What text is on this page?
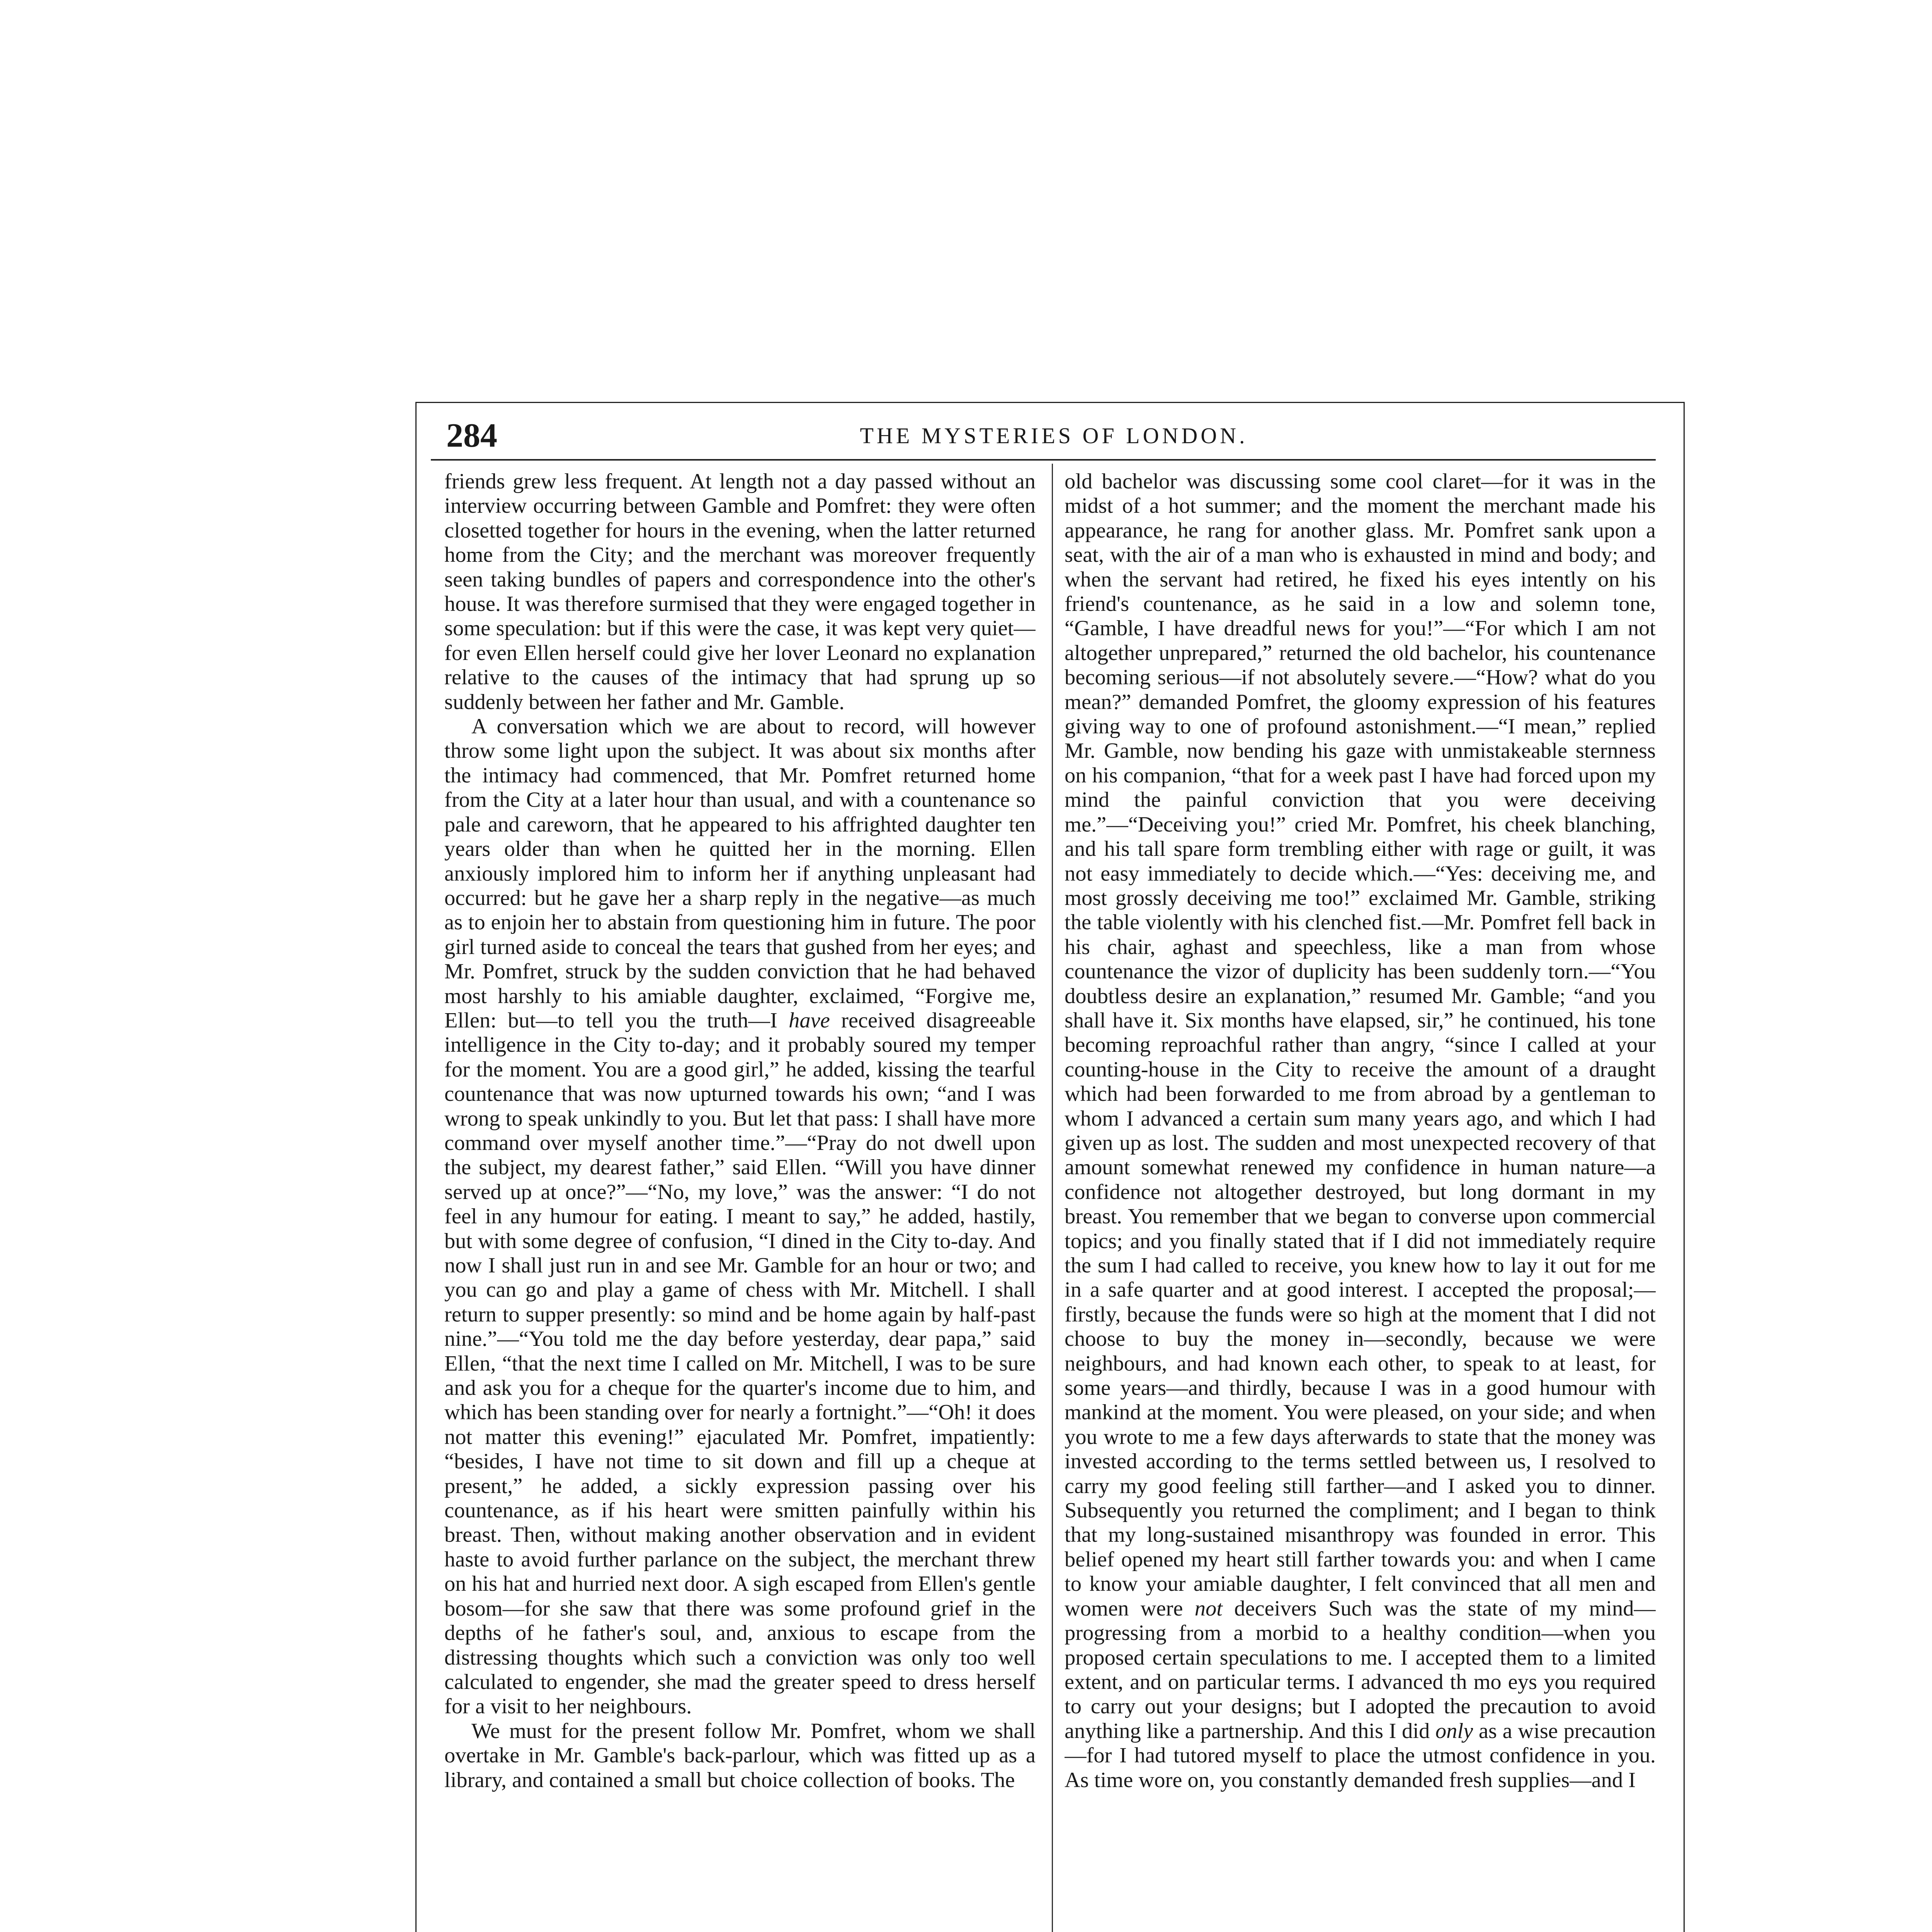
284	THE MYSTERIES OF LONDON.

friends grew less frequent. At length not a day passed without an interview occurring between Gamble and Pomfret: they were often closetted together for hours in the evening, when the latter returned home from the City; and the merchant was moreover frequently seen taking bundles of papers and correspondence into the other's house. It was therefore surmised that they were engaged together in some speculation: but if this were the case, it was kept very quiet—for even Ellen herself could give her lover Leonard no explanation relative to the causes of the intimacy that had sprung up so suddenly between her father and Mr. Gamble.

A conversation which we are about to record, will however throw some light upon the subject. It was about six months after the intimacy had commenced, that Mr. Pomfret returned home from the City at a later hour than usual, and with a countenance so pale and careworn, that he appeared to his affrighted daughter ten years older than when he quitted her in the morning. Ellen anxiously implored him to inform her if anything unpleasant had occurred: but he gave her a sharp reply in the negative—as much as to enjoin her to abstain from questioning him in future. The poor girl turned aside to conceal the tears that gushed from her eyes; and Mr. Pomfret, struck by the sudden conviction that he had behaved most harshly to his amiable daughter, exclaimed, “Forgive me, Ellen: but—to tell you the truth—I have received disagreeable intelligence in the City to-day; and it probably soured my temper for the moment. You are a good girl,” he added, kissing the tearful countenance that was now upturned towards his own; “and I was wrong to speak unkindly to you. But let that pass: I shall have more command over myself another time.”—“Pray do not dwell upon the subject, my dearest father,” said Ellen. “Will you have dinner served up at once?”—“No, my love,” was the answer: “I do not feel in any humour for eating. I meant to say,” he added, hastily, but with some degree of confusion, “I dined in the City to-day. And now I shall just run in and see Mr. Gamble for an hour or two; and you can go and play a game of chess with Mr. Mitchell. I shall return to supper presently: so mind and be home again by half-past nine.”—“You told me the day before yesterday, dear papa,” said Ellen, “that the next time I called on Mr. Mitchell, I was to be sure and ask you for a cheque for the quarter's income due to him, and which has been standing over for nearly a fortnight.”—“Oh! it does not matter this evening!” ejaculated Mr. Pomfret, impatiently: “besides, I have not time to sit down and fill up a cheque at present,” he added, a sickly expression passing over his countenance, as if his heart were smitten painfully within his breast. Then, without making another observation and in evident haste to avoid further parlance on the subject, the merchant threw on his hat and hurried next door. A sigh escaped from Ellen's gentle bosom—for she saw that there was some profound grief in the depths of he father's soul, and, anxious to escape from the distressing thoughts which such a conviction was only too well calculated to engender, she mad the greater speed to dress herself for a visit to her neighbours.

We must for the present follow Mr. Pomfret, whom we shall overtake in Mr. Gamble's back-parlour, which was fitted up as a library, and contained a small but choice collection of books. The

old bachelor was discussing some cool claret—for it was in the midst of a hot summer; and the moment the merchant made his appearance, he rang for another glass. Mr. Pomfret sank upon a seat, with the air of a man who is exhausted in mind and body; and when the servant had retired, he fixed his eyes intently on his friend's countenance, as he said in a low and solemn tone, “Gamble, I have dreadful news for you!”—“For which I am not altogether unprepared,” returned the old bachelor, his countenance becoming serious—if not absolutely severe.—“How? what do you mean?” demanded Pomfret, the gloomy expression of his features giving way to one of profound astonishment.—“I mean,” replied Mr. Gamble, now bending his gaze with unmistakeable sternness on his companion, “that for a week past I have had forced upon my mind the painful conviction that you were deceiving me.”—“Deceiving you!” cried Mr. Pomfret, his cheek blanching, and his tall spare form trembling either with rage or guilt, it was not easy immediately to decide which.—“Yes: deceiving me, and most grossly deceiving me too!” exclaimed Mr. Gamble, striking the table violently with his clenched fist.—Mr. Pomfret fell back in his chair, aghast and speechless, like a man from whose countenance the vizor of duplicity has been suddenly torn.—“You doubtless desire an explanation,” resumed Mr. Gamble; “and you shall have it. Six months have elapsed, sir,” he continued, his tone becoming reproachful rather than angry, “since I called at your counting-house in the City to receive the amount of a draught which had been forwarded to me from abroad by a gentleman to whom I advanced a certain sum many years ago, and which I had given up as lost. The sudden and most unexpected recovery of that amount somewhat renewed my confidence in human nature—a confidence not altogether destroyed, but long dormant in my breast. You remember that we began to converse upon commercial topics; and you finally stated that if I did not immediately require the sum I had called to receive, you knew how to lay it out for me in a safe quarter and at good interest. I accepted the proposal;—firstly, because the funds were so high at the moment that I did not choose to buy the money in—secondly, because we were neighbours, and had known each other, to speak to at least, for some years—and thirdly, because I was in a good humour with mankind at the moment. You were pleased, on your side; and when you wrote to me a few days afterwards to state that the money was invested according to the terms settled between us, I resolved to carry my good feeling still farther—and I asked you to dinner. Subsequently you returned the compliment; and I began to think that my long-sustained misanthropy was founded in error. This belief opened my heart still farther towards you: and when I came to know your amiable daughter, I felt convinced that all men and women were not deceivers Such was the state of my mind—progressing from a morbid to a healthy condition—when you proposed certain speculations to me. I accepted them to a limited extent, and on particular terms. I advanced th mo eys you required to carry out your designs; but I adopted the precaution to avoid anything like a partnership. And this I did only as a wise precaution—for I had tutored myself to place the utmost confidence in you. As time wore on, you constantly demanded fresh supplies—and I
